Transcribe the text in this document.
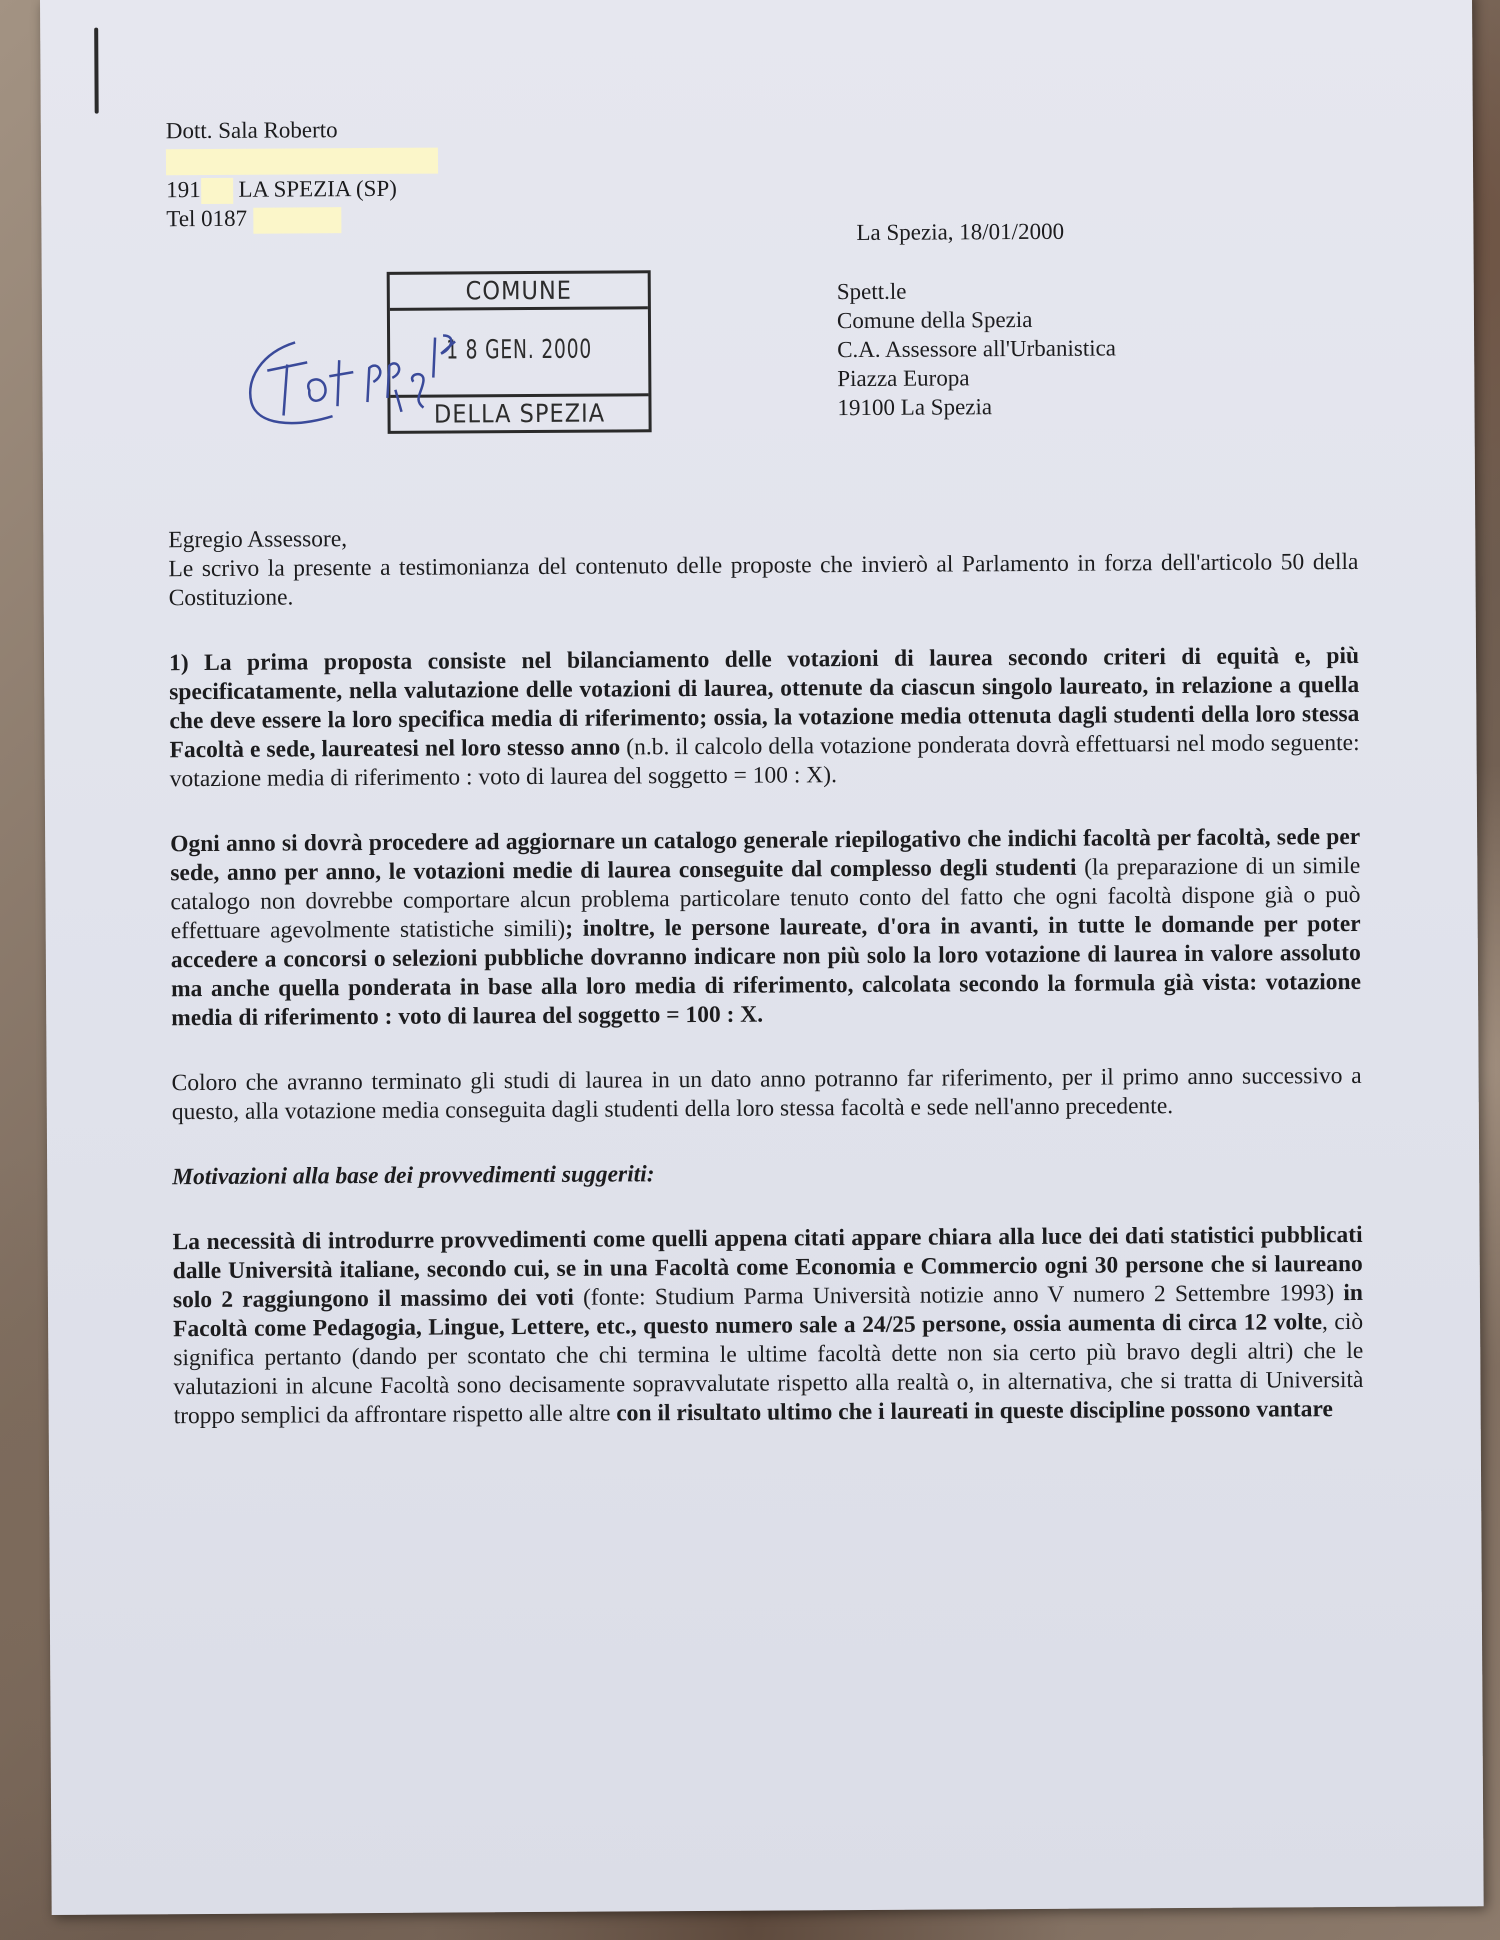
Dott. Sala Roberto
191 LA SPEZIA (SP)
Tel 0187	La Spezia, 18/01/2000
COMUNE
1 8 GEN. 2000
DELLA SPEZIA
Spett.le
Comune della Spezia
C.A. Assessore all'Urbanistica
Piazza Europa
19100 La Spezia

Egregio Assessore,

Le scrivo la presente a testimonianza del contenuto delle proposte che invierò al Parlamento in forza dell'articolo 50 della Costituzione.

1) La prima proposta consiste nel bilanciamento delle votazioni di laurea secondo criteri di equità e, più specificatamente, nella valutazione delle votazioni di laurea, ottenute da ciascun singolo laureato, in relazione a quella che deve essere la loro specifica media di riferimento; ossia, la votazione media ottenuta dagli studenti della loro stessa Facoltà e sede, laureatesi nel loro stesso anno (n.b. il calcolo della votazione ponderata dovrà effettuarsi nel modo seguente: votazione media di riferimento : voto di laurea del soggetto = 100 : X).

Ogni anno si dovrà procedere ad aggiornare un catalogo generale riepilogativo che indichi facoltà per facoltà, sede per sede, anno per anno, le votazioni medie di laurea conseguite dal complesso degli studenti (la preparazione di un simile catalogo non dovrebbe comportare alcun problema particolare tenuto conto del fatto che ogni facoltà dispone già o può effettuare agevolmente statistiche simili); inoltre, le persone laureate, d'ora in avanti, in tutte le domande per poter accedere a concorsi o selezioni pubbliche dovranno indicare non più solo la loro votazione di laurea in valore assoluto ma anche quella ponderata in base alla loro media di riferimento, calcolata secondo la formula già vista: votazione media di riferimento : voto di laurea del soggetto = 100 : X.

Coloro che avranno terminato gli studi di laurea in un dato anno potranno far riferimento, per il primo anno successivo a questo, alla votazione media conseguita dagli studenti della loro stessa facoltà e sede nell'anno precedente.

Motivazioni alla base dei provvedimenti suggeriti:

La necessità di introdurre provvedimenti come quelli appena citati appare chiara alla luce dei dati statistici pubblicati dalle Università italiane, secondo cui, se in una Facoltà come Economia e Commercio ogni 30 persone che si laureano solo 2 raggiungono il massimo dei voti (fonte: Studium Parma Università notizie anno V numero 2 Settembre 1993) in Facoltà come Pedagogia, Lingue, Lettere, etc., questo numero sale a 24/25 persone, ossia aumenta di circa 12 volte, ciò significa pertanto (dando per scontato che chi termina le ultime facoltà dette non sia certo più bravo degli altri) che le valutazioni in alcune Facoltà sono decisamente sopravvalutate rispetto alla realtà o, in alternativa, che si tratta di Università troppo semplici da affrontare rispetto alle altre con il risultato ultimo che i laureati in queste discipline possono vantare
